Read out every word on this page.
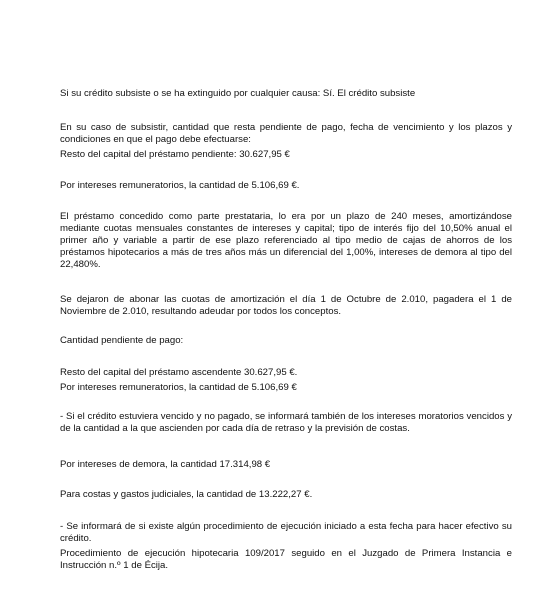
Si su crédito subsiste o se ha extinguido por cualquier causa: Sí. El crédito subsiste

En su caso de subsistir, cantidad que resta pendiente de pago, fecha de vencimiento y los plazos y condiciones en que el pago debe efectuarse:

Resto del capital del préstamo pendiente: 30.627,95 €

Por intereses remuneratorios, la cantidad de 5.106,69 €.

El préstamo concedido como parte prestataria, lo era por un plazo de 240 meses, amortizándose mediante cuotas mensuales constantes de intereses y capital; tipo de interés fijo del 10,50% anual el primer año y variable a partir de ese plazo referenciado al tipo medio de cajas de ahorros de los préstamos hipotecarios a más de tres años más un diferencial del 1,00%, intereses de demora al tipo del 22,480%.

Se dejaron de abonar las cuotas de amortización el día 1 de Octubre de 2.010, pagadera el 1 de Noviembre de 2.010, resultando adeudar por todos los conceptos.

Cantidad pendiente de pago:

Resto del capital del préstamo ascendente 30.627,95 €.

Por intereses remuneratorios, la cantidad de 5.106,69 €

- Si el crédito estuviera vencido y no pagado, se informará también de los intereses moratorios vencidos y de la cantidad a la que ascienden por cada día de retraso y la previsión de costas.

Por intereses de demora, la cantidad 17.314,98 €

Para costas y gastos judiciales, la cantidad de 13.222,27 €.

- Se informará de si existe algún procedimiento de ejecución iniciado a esta fecha para hacer efectivo su crédito.

Procedimiento de ejecución hipotecaria 109/2017 seguido en el Juzgado de Primera Instancia e Instrucción n.º 1 de Écija.
